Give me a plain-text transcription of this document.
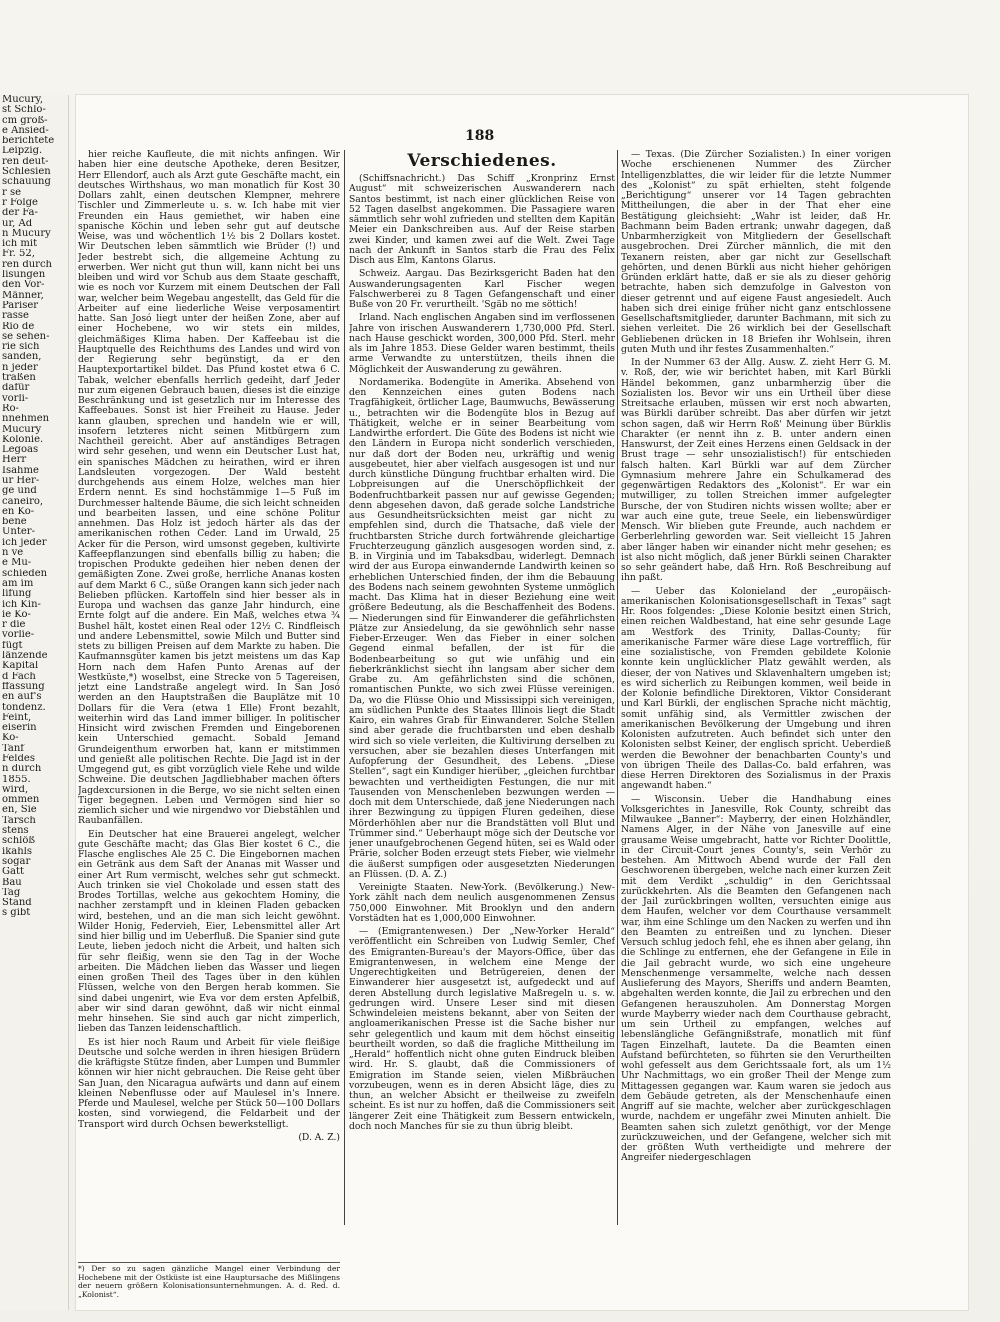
Mucury,
st Schlo-
cm groß-
e Ansied-
berichtete
Leipzig.
ren deut-
Schlesien
schauung
r se
r Folge
der Fa-
ur, Ad
n Mucury
ich mit
Fr. 52,
ren durch
lisungen
den Vor-
Männer,
Pariser
rasse
Rio de
se sehen-
rie sich
sanden,
n jeder
traßen
dafür
vorli-
Ro-
nnehmen
Mucury
Kolonie.
Legoas
Herr
Isahme
ur Her-
ge und
caneiro,
en Ko-
bene
Unter-
ich jeder
n ve
e Mu-
schieden
am im
lifung
ich Kin-
ie Ko-
r die
vorlie-
fügt
länzende
Kapital
d Fach
ffassung
en auf's
tondenz.
Feint,
eiserin
Ko-
Tanf
Feldes
n durch
1855.
wird,
ommen
en, Sie
Tarsch
stens
schlöß
ikahls
sogar
Gatt
Bau
Tag
Stand
s gibt
188

hier reiche Kaufleute, die mit nichts anfingen. Wir haben hier eine deutsche Apotheke, deren Besitzer, Herr Ellendorf, auch als Arzt gute Geschäfte macht, ein deutsches Wirthshaus, wo man monatlich für Kost 30 Dollars zahlt, einen deutschen Klempner, mehrere Tischler und Zimmerleute u. s. w. Ich habe mit vier Freunden ein Haus gemiethet, wir haben eine spanische Köchin und leben sehr gut auf deutsche Weise, was und wöchentlich 1½ bis 2 Dollars kostet. Wir Deutschen leben sämmtlich wie Brüder (!) und Jeder bestrebt sich, die allgemeine Achtung zu erwerben. Wer nicht gut thun will, kann nicht bei uns bleiben und wird vor Schub aus dem Staate geschafft, wie es noch vor Kurzem mit einem Deutschen der Fall war, welcher beim Wegebau angestellt, das Geld für die Arbeiter auf eine liederliche Weise verposamentirt hatte. San Josó liegt unter der heißen Zone, aber auf einer Hochebene, wo wir stets ein mildes, gleichmäßiges Klima haben. Der Kaffeebau ist die Hauptquelle des Reichthums des Landes und wird von der Regierung sehr begünstigt, da er den Hauptexportartikel bildet. Das Pfund kostet etwa 6 C. Tabak, welcher ebenfalls herrlich gedeiht, darf Jeder nur zum eigenen Gebrauch bauen, dieses ist die einzige Beschränkung und ist gesetzlich nur im Interesse des Kaffeebaues. Sonst ist hier Freiheit zu Hause. Jeder kann glauben, sprechen und handeln wie er will, insofern letzteres nicht seinen Mitbürgern zum Nachtheil gereicht. Aber auf anständiges Betragen wird sehr gesehen, und wenn ein Deutscher Lust hat, ein spanisches Mädchen zu heirathen, wird er ihren Landsleuten vorgezogen. Der Wald besteht durchgehends aus einem Holze, welches man hier Erdern nennt. Es sind hochstämmige 1—5 Fuß im Durchmesser haltende Bäume, die sich leicht schneiden und bearbeiten lassen, und eine schöne Politur annehmen. Das Holz ist jedoch härter als das der amerikanischen rothen Ceder. Land im Urwald, 25 Acker für die Person, wird umsonst gegeben, kultivirte Kaffeepflanzungen sind ebenfalls billig zu haben; die tropischen Produkte gedeihen hier neben denen der gemäßigten Zone. Zwei große, herrliche Ananas kosten auf dem Markt 6 C., süße Orangen kann sich jeder nach Belieben pflücken. Kartoffeln sind hier besser als in Europa und wachsen das ganze Jahr hindurch, eine Ernte folgt auf die andere. Ein Maß, welches etwa ¾ Bushel hält, kostet einen Real oder 12½ C. Rindfleisch und andere Lebensmittel, sowie Milch und Butter sind stets zu billigen Preisen auf dem Markte zu haben. Die Kaufmannsgüter kamen bis jetzt meistens um das Kap Horn nach dem Hafen Punto Arenas auf der Westküste,*) woselbst, eine Strecke von 5 Tagereisen, jetzt eine Landstraße angelegt wird. In San Josó werden an den Hauptstraßen die Bauplätze mit 10 Dollars für die Vera (etwa 1 Elle) Front bezahlt, weiterhin wird das Land immer billiger. In politischer Hinsicht wird zwischen Fremden und Eingeborenen kein Unterschied gemacht. Sobald Jemand Grundeigenthum erworben hat, kann er mitstimmen und genießt alle politischen Rechte. Die Jagd ist in der Umgegend gut, es gibt vorzüglich viele Rehe und wilde Schweine. Die deutschen Jagdliebhaber machen öfters Jagdexcursionen in die Berge, wo sie nicht selten einen Tiger begegnen. Leben und Vermögen sind hier so ziemlich sicher und wie nirgendwo vor Diebstählen und Raubanfällen.

Ein Deutscher hat eine Brauerei angelegt, welcher gute Geschäfte macht; das Glas Bier kostet 6 C., die Flasche englisches Ale 25 C. Die Eingebornen machen ein Getränk aus dem Saft der Ananas mit Wasser und einer Art Rum vermischt, welches sehr gut schmeckt. Auch trinken sie viel Chokolade und essen statt des Brodes Tortillas, welche aus gekochtem Hominy, die nachher zerstampft und in kleinen Fladen gebacken wird, bestehen, und an die man sich leicht gewöhnt. Wilder Honig, Federvieh, Eier, Lebensmittel aller Art sind hier billig und im Ueberfluß. Die Spanier sind gute Leute, lieben jedoch nicht die Arbeit, und halten sich für sehr fleißig, wenn sie den Tag in der Woche arbeiten. Die Mädchen lieben das Wasser und liegen einen großen Theil des Tages über in den kühlen Flüssen, welche von den Bergen herab kommen. Sie sind dabei ungenirt, wie Eva vor dem ersten Apfelbiß, aber wir sind daran gewöhnt, daß wir nicht einmal mehr hinsehen. Sie sind auch gar nicht zimperlich, lieben das Tanzen leidenschaftlich.

Es ist hier noch Raum und Arbeit für viele fleißige Deutsche und solche werden in ihren hiesigen Brüdern die kräftigste Stütze finden, aber Lumpen und Bummler können wir hier nicht gebrauchen. Die Reise geht über San Juan, den Nicaragua aufwärts und dann auf einem kleinen Nebenflusse oder auf Maulesel in's Innere. Pferde und Maulesel, welche per Stück 50—100 Dollars kosten, sind vorwiegend, die Feldarbeit und der Transport wird durch Ochsen bewerkstelligt.

(D. A. Z.)
*) Der so zu sagen gänzliche Mangel einer Verbindung der Hochebene mit der Ostküste ist eine Hauptursache des Mißlingens der neuern größern Kolonisationsunternehmungen. A. d. Red. d. „Kolonist“.
Verschiedenes.

(Schiffsnachricht.) Das Schiff „Kronprinz Ernst August“ mit schweizerischen Auswanderern nach Santos bestimmt, ist nach einer glücklichen Reise von 52 Tagen daselbst angekommen. Die Passagiere waren sämmtlich sehr wohl zufrieden und stellten dem Kapitän Meier ein Dankschreiben aus. Auf der Reise starben zwei Kinder, und kamen zwei auf die Welt. Zwei Tage nach der Ankunft in Santos starb die Frau des Felix Disch aus Elm, Kantons Glarus.

Schweiz. Aargau. Das Bezirksgericht Baden hat den Auswanderungsagenten Karl Fischer wegen Falschwerberei zu 8 Tagen Gefangenschaft und einer Buße von 20 Fr. verurtheilt. 'Sgäb no me söttich!

Irland. Nach englischen Angaben sind im verflossenen Jahre von irischen Auswanderern 1,730,000 Pfd. Sterl. nach Hause geschickt worden, 300,000 Pfd. Sterl. mehr als im Jahre 1853. Diese Gelder waren bestimmt, theils arme Verwandte zu unterstützen, theils ihnen die Möglichkeit der Auswanderung zu gewähren.

Nordamerika. Bodengüte in Amerika. Absehend von den Kennzeichen eines guten Bodens nach Tragfähigkeit, örtlicher Lage, Baumwuchs, Bewässerung u., betrachten wir die Bodengüte blos in Bezug auf Thätigkeit, welche er in seiner Bearbeitung vom Landwirthe erfordert. Die Güte des Bodens ist nicht wie den Ländern in Europa nicht sonderlich verschieden, nur daß dort der Boden neu, urkräftig und wenig ausgebeutet, hier aber vielfach ausgesogen ist und nur durch künstliche Düngung fruchtbar erhalten wird. Die Lobpreisungen auf die Unerschöpflichkeit der Bodenfruchtbarkeit passen nur auf gewisse Gegenden; denn abgesehen davon, daß gerade solche Landstriche aus Gesundheitsrücksichten meist gar nicht zu empfehlen sind, durch die Thatsache, daß viele der fruchtbarsten Striche durch fortwährende gleichartige Fruchterzeugung gänzlich ausgesogen worden sind, z. B. in Virginia und im Tabaksdbau, widerlegt. Demnach wird der aus Europa einwandernde Landwirth keinen so erheblichen Unterschied finden, der ihm die Bebauung des Bodens nach seinem gewohnten Systeme unmöglich macht. Das Klima hat in dieser Beziehung eine weit größere Bedeutung, als die Beschaffenheit des Bodens. — Niederungen sind für Einwanderer die gefährlichsten Plätze zur Ansiedelung, da sie gewöhnlich sehr nasse Fieber-Erzeuger. Wen das Fieber in einer solchen Gegend einmal befallen, der ist für die Bodenbearbeitung so gut wie unfähig und ein fieberkränklichst siecht ihn langsam aber sicher dem Grabe zu. Am gefährlichsten sind die schönen, romantischen Punkte, wo sich zwei Flüsse vereinigen. Da, wo die Flüsse Ohio und Mississippi sich vereinigen, am südlichen Punkte des Staates Illinois liegt die Stadt Kairo, ein wahres Grab für Einwanderer. Solche Stellen sind aber gerade die fruchtbarsten und eben deshalb wird sich so viele verleiten, die Kultivirung derselben zu versuchen, aber sie bezahlen dieses Unterfangen mit Aufopferung der Gesundheit, des Lebens. „Diese Stellen“, sagt ein Kundiger hierüber, „gleichen furchtbar bewachten und vertheidigten Festungen, die nur mit Tausenden von Menschenleben bezwungen werden — doch mit dem Unterschiede, daß jene Niederungen nach ihrer Bezwingung zu üppigen Fluren gedeihen, diese Mörderhöhlen aber nur die Brandstätten voll Blut und Trümmer sind.“ Ueberhaupt möge sich der Deutsche vor jener unaufgebrochenen Gegend hüten, sei es Wald oder Prärie, solcher Boden erzeugt stets Fieber, wie vielmehr die äußerst sumpfigen oder ausgesetzten Niederungen an Flüssen. (D. A. Z.)

Vereinigte Staaten. New-York. (Bevölkerung.) New-York zählt nach dem neulich ausgenommenen Zensus 750,000 Einwohner. Mit Brooklyn und den andern Vorstädten hat es 1,000,000 Einwohner.

— (Emigrantenwesen.) Der „New-Yorker Herald“ veröffentlicht ein Schreiben von Ludwig Semler, Chef des Emigranten-Bureau's der Mayors-Office, über das Emigrantenwesen, in welchem eine Menge der Ungerechtigkeiten und Betrügereien, denen der Einwanderer hier ausgesetzt ist, aufgedeckt und auf deren Abstellung durch legislative Maßregeln u. s. w. gedrungen wird. Unsere Leser sind mit diesen Schwindeleien meistens bekannt, aber von Seiten der angloamerikanischen Presse ist die Sache bisher nur sehr gelegentlich und kaum mit dem höchst einseitig beurtheilt worden, so daß die fragliche Mittheilung im „Herald“ hoffentlich nicht ohne guten Eindruck bleiben wird. Hr. S. glaubt, daß die Commissioners of Emigration im Stande seien, vielen Mißbräuchen vorzubeugen, wenn es in deren Absicht läge, dies zu thun, an welcher Absicht er theilweise zu zweifeln scheint. Es ist nur zu hoffen, daß die Commissioners seit längerer Zeit eine Thätigkeit zum Bessern entwickeln, doch noch Manches für sie zu thun übrig bleibt.

— Texas. (Die Zürcher Sozialisten.) In einer vorigen Woche erschienenen Nummer des Zürcher Intelligenzblattes, die wir leider für die letzte Nummer des „Kolonist“ zu spät erhielten, steht folgende „Berichtigung“ unserer vor 14 Tagen gebrachten Mittheilungen, die aber in der That eher eine Bestätigung gleichsieht: „Wahr ist leider, daß Hr. Bachmann beim Baden ertrank; unwahr dagegen, daß Unbarmherzigkeit von Mitgliedern der Gesellschaft ausgebrochen. Drei Zürcher männlich, die mit den Texanern reisten, aber gar nicht zur Gesellschaft gehörten, und denen Bürkli aus nicht hieher gehörigen Gründen erklärt hatte, daß er sie als zu dieser gehörig betrachte, haben sich demzufolge in Galveston von dieser getrennt und auf eigene Faust angesiedelt. Auch haben sich drei einige früher nicht ganz entschlossene Gesellschaftsmitglieder, darunter Bachmann, mit sich zu siehen verleitet. Die 26 wirklich bei der Gesellschaft Gebliebenen drücken in 18 Briefen ihr Wohlsein, ihren guten Muth und ihr festes Zusammenhalten.“

In der Nummer 63 der Allg. Ausw. Z. zieht Herr G. M. v. Roß, der, wie wir berichtet haben, mit Karl Bürkli Händel bekommen, ganz unbarmherzig über die Sozialisten los. Bevor wir uns ein Urtheil über diese Streitsache erlauben, müssen wir erst noch abwarten, was Bürkli darüber schreibt. Das aber dürfen wir jetzt schon sagen, daß wir Herrn Roß' Meinung über Bürklis Charakter (er nennt ihn z. B. unter andern einen Hanswurst, der Zeit eines Herzens einen Geldsack in der Brust trage — sehr unsozialistisch!) für entschieden falsch halten. Karl Bürkli war auf dem Zürcher Gymnasium mehrere Jahre ein Schulkamerad des gegenwärtigen Redaktors des „Kolonist“. Er war ein mutwilliger, zu tollen Streichen immer aufgelegter Bursche, der von Studiren nichts wissen wollte; aber er war auch eine gute, treue Seele, ein liebenswürdiger Mensch. Wir blieben gute Freunde, auch nachdem er Gerberlehrling geworden war. Seit vielleicht 15 Jahren aber länger haben wir einander nicht mehr gesehen; es ist also nicht möglich, daß jener Bürkli seinen Charakter so sehr geändert habe, daß Hrn. Roß Beschreibung auf ihn paßt.

— Ueber das Kolonieland der „europäisch-amerikanischen Kolonisationsgesellschaft in Texas“ sagt Hr. Roos folgendes: „Diese Kolonie besitzt einen Strich, einen reichen Waldbestand, hat eine sehr gesunde Lage am Westfork des Trinity, Dallas-County; für amerikanische Farmer wäre diese Lage vortrefflich, für eine sozialistische, von Fremden gebildete Kolonie konnte kein unglücklicher Platz gewählt werden, als dieser, der von Natives und Sklavenhaltern umgeben ist; es wird sicherlich zu Reibungen kommen, weil beide in der Kolonie befindliche Direktoren, Viktor Considerant und Karl Bürkli, der englischen Sprache nicht mächtig, somit unfähig sind, als Vermittler zwischen der amerikanischen Bevölkerung der Umgebung und ihren Kolonisten aufzutreten. Auch befindet sich unter den Kolonisten selbst Keiner, der englisch spricht. Ueberdieß werden die Bewohner der benachbarten County's und von übrigen Theile des Dallas-Co. bald erfahren, was diese Herren Direktoren des Sozialismus in der Praxis angewandt haben.“

— Wisconsin. Ueber die Handhabung eines Volksgerichtes in Janesville, Rok County, schreibt das Milwaukee „Banner“: Mayberry, der einen Holzhändler, Namens Alger, in der Nähe von Janesville auf eine grausame Weise umgebracht, hatte vor Richter Doolittle, in der Circuit-Court jenes County's, sein Verhör zu bestehen. Am Mittwoch Abend wurde der Fall den Geschworenen übergeben, welche nach einer kurzen Zeit mit dem Verdikt „schuldig“ in den Gerichtssaal zurückkehrten. Als die Beamten den Gefangenen nach der Jail zurückbringen wollten, versuchten einige aus dem Haufen, welcher vor dem Courthause versammelt war, ihm eine Schlinge um den Nacken zu werfen und ihn den Beamten zu entreißen und zu lynchen. Dieser Versuch schlug jedoch fehl, ehe es ihnen aber gelang, ihn die Schlinge zu entfernen, ehe der Gefangene in Eile in die Jail gebracht wurde, wo sich eine ungeheure Menschenmenge versammelte, welche nach dessen Auslieferung des Mayors, Sheriffs und andern Beamten, abgehalten werden konnte, die Jail zu erbrechen und den Gefangenen herauszuholen. Am Donnerstag Morgen wurde Mayberry wieder nach dem Courthause gebracht, um sein Urtheil zu empfangen, welches auf lebenslängliche Gefängnißstrafe, monatlich mit fünf Tagen Einzelhaft, lautete. Da die Beamten einen Aufstand befürchteten, so führten sie den Verurtheilten wohl gefesselt aus dem Gerichtssaale fort, als um 1½ Uhr Nachmittags, wo ein großer Theil der Menge zum Mittagessen gegangen war. Kaum waren sie jedoch aus dem Gebäude getreten, als der Menschenhaufe einen Angriff auf sie machte, welcher aber zurückgeschlagen wurde, nachdem er ungefähr zwei Minuten anhielt. Die Beamten sahen sich zuletzt genöthigt, vor der Menge zurückzuweichen, und der Gefangene, welcher sich mit der größten Wuth vertheidigte und mehrere der Angreifer niedergeschlagen
